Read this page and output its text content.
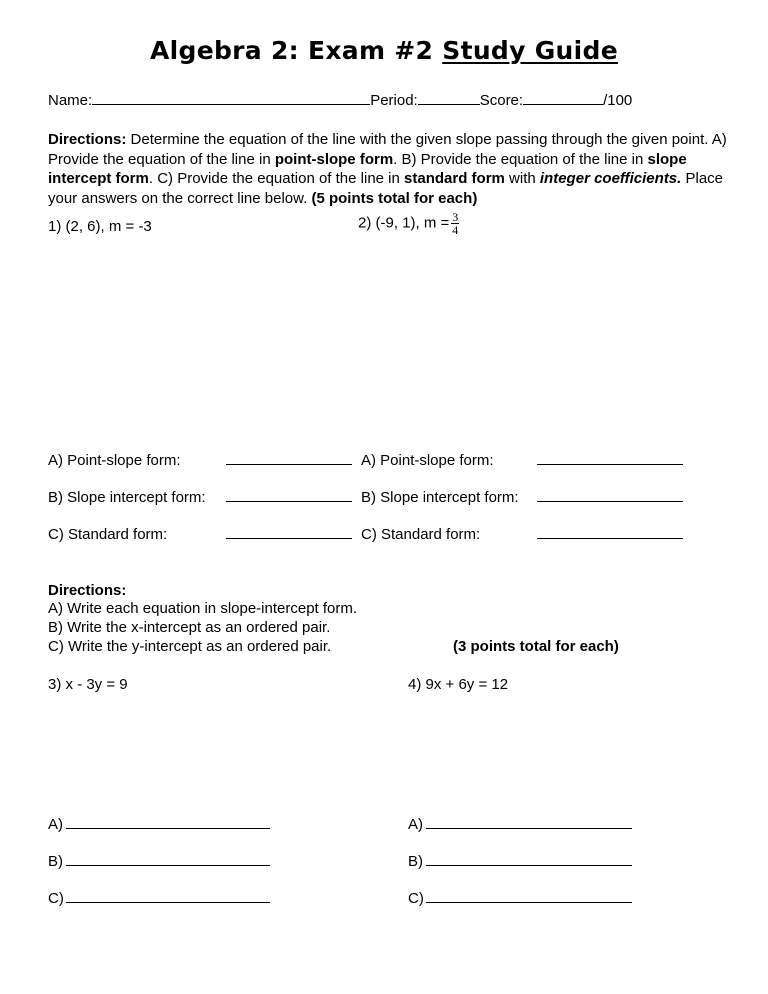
Algebra 2: Exam #2 Study Guide
Name:	Period:	Score:	/100
Directions: Determine the equation of the line with the given slope passing through the given point. A) Provide the equation of the line in point-slope form. B) Provide the equation of the line in slope intercept form. C) Provide the equation of the line in standard form with integer coefficients. Place your answers on the correct line below. (5 points total for each)
1) (2, 6), m = -3	2) (-9, 1), $m = \frac{3}{4}$
A) Point-slope form:	A) Point-slope form:
B) Slope intercept form:	B) Slope intercept form:
C) Standard form:	C) Standard form:
Directions:
A) Write each equation in slope-intercept form.
B) Write the x-intercept as an ordered pair.
C) Write the y-intercept as an ordered pair.	(3 points total for each)
3) x - 3y = 9	4) 9x + 6y = 12
A)	A)
B)	B)
C)	C)
